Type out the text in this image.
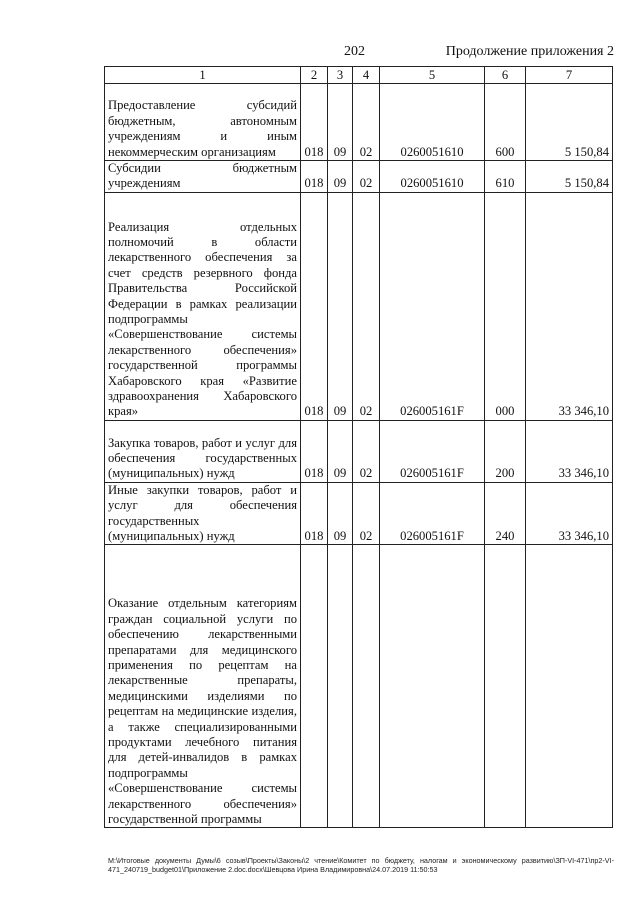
202	Продолжение приложения 2
1	2	3	4	5	6	7
Предоставление субсидий бюджетным, автономным учреждениям и иным некоммерческим организациям	018	09	02	0260051610	600	5 150,84
Субсидии бюджетным учреждениям	018	09	02	0260051610	610	5 150,84
Реализация отдельных полномочий в области лекарственного обеспечения за счет средств резервного фонда Правительства Российской Федерации в рамках реализации подпрограммы «Совершенствование системы лекарственного обеспечения» государственной программы Хабаровского края «Развитие здравоохранения Хабаровского края»	018	09	02	026005161F	000	33 346,10
Закупка товаров, работ и услуг для обеспечения государственных (муниципальных) нужд	018	09	02	026005161F	200	33 346,10
Иные закупки товаров, работ и услуг для обеспечения государственных (муниципальных) нужд	018	09	02	026005161F	240	33 346,10
Оказание отдельным категориям граждан социальной услуги по обеспечению лекарственными препаратами для медицинского применения по рецептам на лекарственные препараты, медицинскими изделиями по рецептам на медицинские изделия, а также специализированными продуктами лечебного питания для детей-инвалидов в рамках подпрограммы «Совершенствование системы лекарственного обеспечения» государственной программы						
M:\Итоговые документы Думы\6 созыв\Проекты\Законы\2 чтение\Комитет по бюджету, налогам и экономическому развитию\ЗП-VI-471\пр2-VI-471_240719_budget01\Приложение 2.doc.docx\Шевцова Ирина Владимировна\24.07.2019 11:50:53
